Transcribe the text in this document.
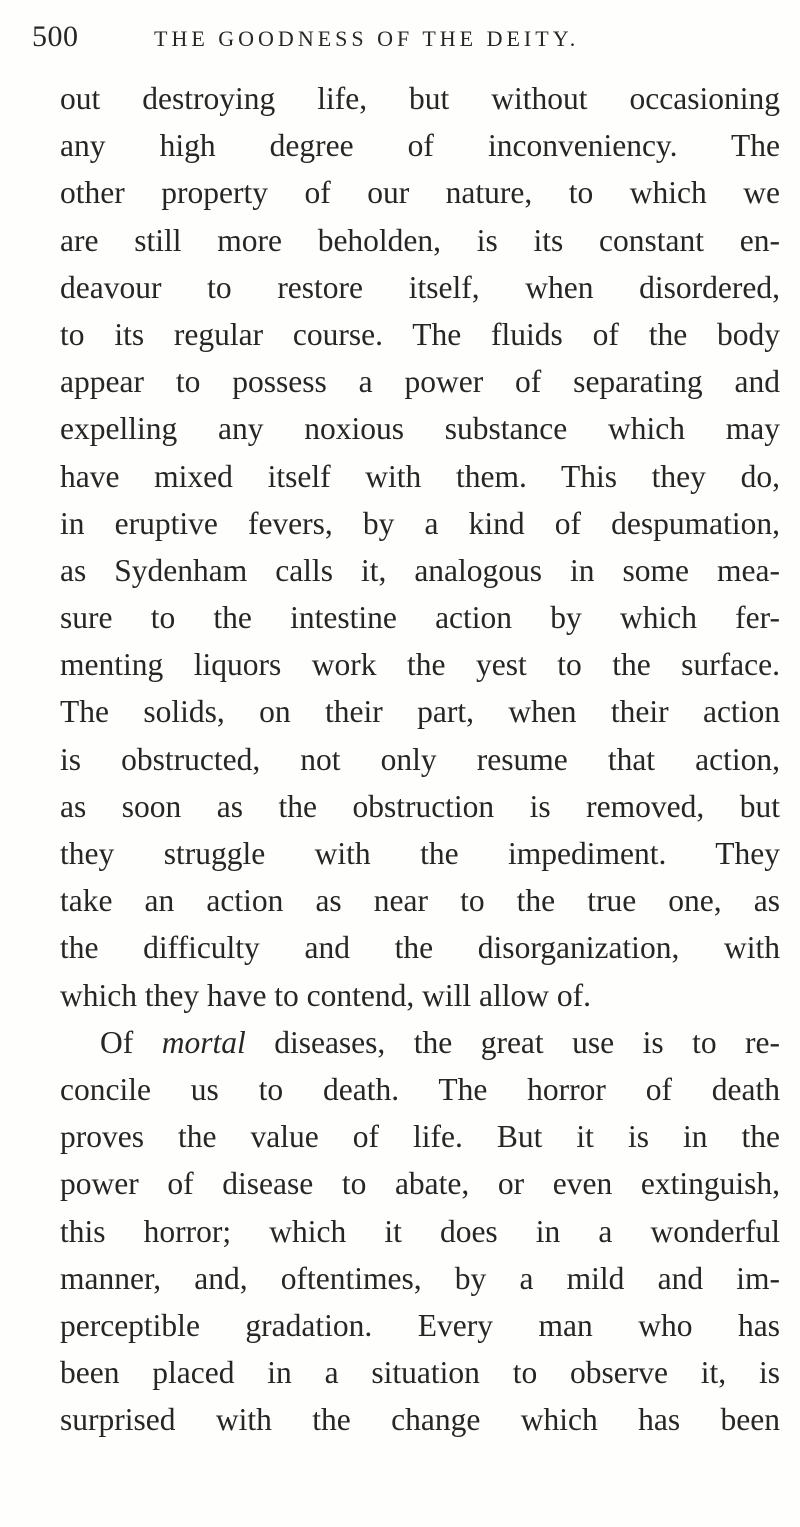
500	THE GOODNESS OF THE DEITY.
out destroying life, but without occasioning
any high degree of inconveniency. The
other property of our nature, to which we
are still more beholden, is its constant en-
deavour to restore itself, when disordered,
to its regular course. The fluids of the body
appear to possess a power of separating and
expelling any noxious substance which may
have mixed itself with them. This they do,
in eruptive fevers, by a kind of despumation,
as Sydenham calls it, analogous in some mea-
sure to the intestine action by which fer-
menting liquors work the yest to the surface.
The solids, on their part, when their action
is obstructed, not only resume that action,
as soon as the obstruction is removed, but
they struggle with the impediment. They
take an action as near to the true one, as
the difficulty and the disorganization, with
which they have to contend, will allow of.
Of mortal diseases, the great use is to re-
concile us to death. The horror of death
proves the value of life. But it is in the
power of disease to abate, or even extinguish,
this horror; which it does in a wonderful
manner, and, oftentimes, by a mild and im-
perceptible gradation. Every man who has
been placed in a situation to observe it, is
surprised with the change which has been
